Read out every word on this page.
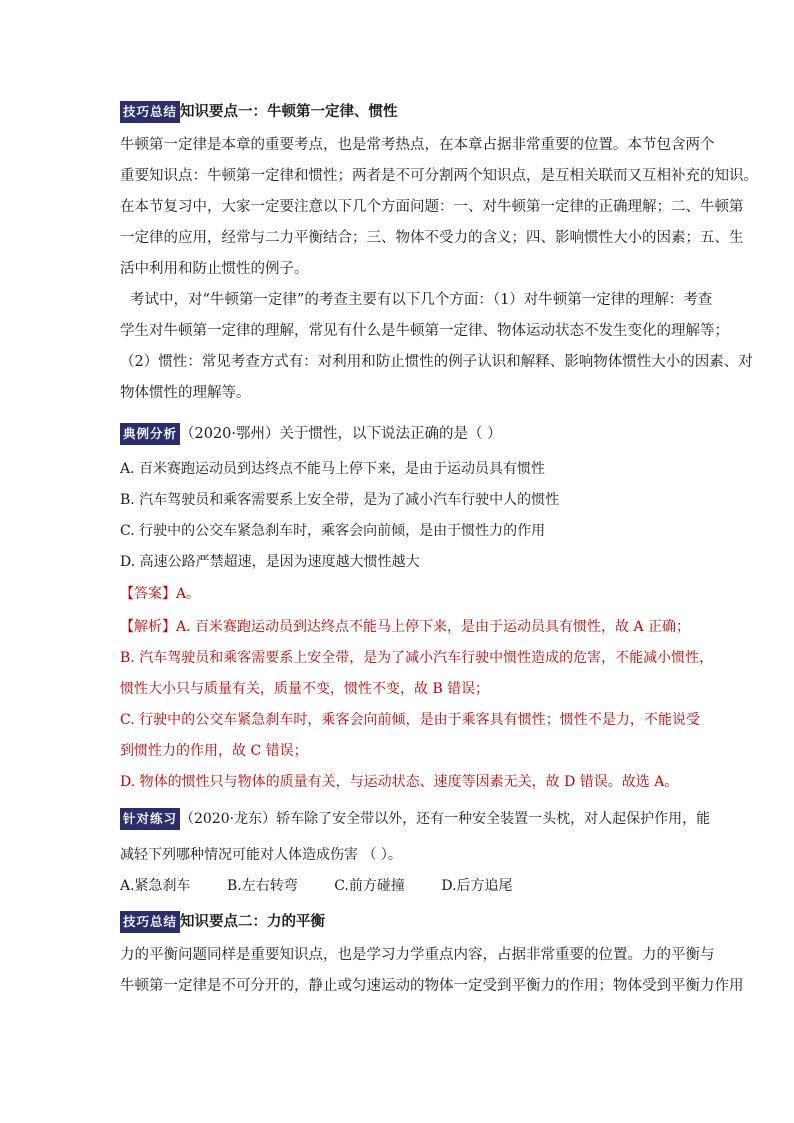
技巧总结 知识要点一：牛顿第一定律、惯性
牛顿第一定律是本章的重要考点，也是常考热点，在本章占据非常重要的位置。本节包含两个
重要知识点：牛顿第一定律和惯性；两者是不可分割两个知识点，是互相关联而又互相补充的知识。
在本节复习中，大家一定要注意以下几个方面问题：一、对牛顿第一定律的正确理解；二、牛顿第
一定律的应用，经常与二力平衡结合；三、物体不受力的含义；四、影响惯性大小的因素；五、生
活中利用和防止惯性的例子。
考试中，对“牛顿第一定律”的考查主要有以下几个方面：（1）对牛顿第一定律的理解：考查
学生对牛顿第一定律的理解，常见有什么是牛顿第一定律、物体运动状态不发生变化的理解等；
（2）惯性：常见考查方式有：对利用和防止惯性的例子认识和解释、影响物体惯性大小的因素、对
物体惯性的理解等。
典例分析 （2020·鄂州）关于惯性，以下说法正确的是（ ）
A. 百米赛跑运动员到达终点不能马上停下来，是由于运动员具有惯性
B. 汽车驾驶员和乘客需要系上安全带，是为了减小汽车行驶中人的惯性
C. 行驶中的公交车紧急刹车时，乘客会向前倾，是由于惯性力的作用
D. 高速公路严禁超速，是因为速度越大惯性越大
【答案】A。
【解析】A. 百米赛跑运动员到达终点不能马上停下来，是由于运动员具有惯性，故 A 正确；
B. 汽车驾驶员和乘客需要系上安全带，是为了减小汽车行驶中惯性造成的危害，不能减小惯性，
惯性大小只与质量有关，质量不变，惯性不变，故 B 错误；
C. 行驶中的公交车紧急刹车时，乘客会向前倾，是由于乘客具有惯性；惯性不是力，不能说受
到惯性力的作用，故 C 错误；
D. 物体的惯性只与物体的质量有关，与运动状态、速度等因素无关，故 D 错误。故选 A。
针对练习 （2020·龙东）轿车除了安全带以外，还有一种安全装置一头枕，对人起保护作用，能
减轻下列哪种情况可能对人体造成伤害 （ ）。
A.紧急刹车	B.左右转弯	C.前方碰撞	D.后方追尾
技巧总结 知识要点二：力的平衡
力的平衡问题同样是重要知识点，也是学习力学重点内容，占据非常重要的位置。力的平衡与
牛顿第一定律是不可分开的，静止或匀速运动的物体一定受到平衡力的作用；物体受到平衡力作用
